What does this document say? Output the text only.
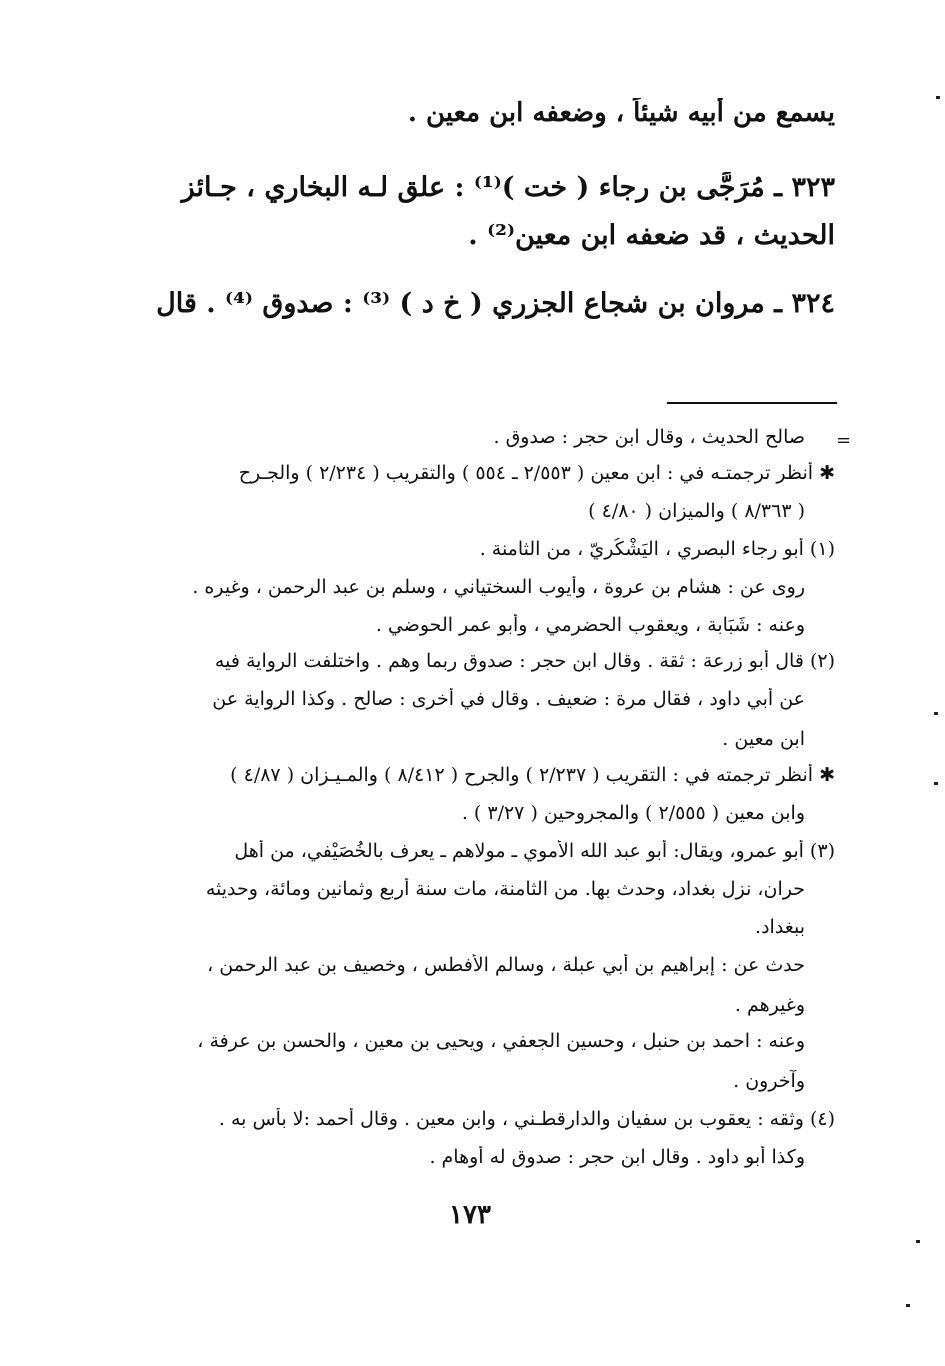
يسمع من أبيه شيئاً ، وضعفه ابن معين .
٣٢٣ ـ مُرَجَّى بن رجاء ( خت )⁽¹⁾ : علق لـه البخاري ، جـائز
الحديث ، قد ضعفه ابن معين⁽²⁾ .
٣٢٤ ـ مروان بن شجاع الجزري ( خ د ) ⁽³⁾ : صدوق ⁽⁴⁾ . قال
=
صالح الحديث ، وقال ابن حجر : صدوق .
✱ أنظر ترجمتـه في : ابن معين ( ٢/٥٥٣ ـ ٥٥٤ ) والتقريب ( ٢/٢٣٤ ) والجـرح
( ٨/٣٦٣ ) والميزان ( ٤/٨٠ )
(١) أبو رجاء البصري ، اليَشْكُرِيّ ، من الثامنة .
روى عن : هشام بن عروة ، وأيوب السختياني ، وسلم بن عبد الرحمن ، وغيره .
وعنه : شَبَابة ، ويعقوب الحضرمي ، وأبو عمر الحوضي .
(٢) قال أبو زرعة : ثقة . وقال ابن حجر : صدوق ربما وهم . واختلفت الرواية فيه
عن أبي داود ، فقال مرة : ضعيف . وقال في أخرى : صالح . وكذا الرواية عن
ابن معين .
✱ أنظر ترجمته في : التقريب ( ٢/٢٣٧ ) والجرح ( ٨/٤١٢ ) والمـيـزان ( ٤/٨٧ )
وابن معين ( ٢/٥٥٥ ) والمجروحين ( ٣/٢٧ ) .
(٣) أبو عمرو، ويقال: أبو عبد الله الأموي ـ مولاهم ـ يعرف بالخُصَيْفي، من أهل
حران، نزل بغداد، وحدث بها. من الثامنة، مات سنة أربع وثمانين ومائة، وحديثه
ببغداد.
حدث عن : إبراهيم بن أبي عبلة ، وسالم الأفطس ، وخصيف بن عبد الرحمن ،
وغيرهم .
وعنه : احمد بن حنبل ، وحسين الجعفي ، ويحيى بن معين ، والحسن بن عرفة ،
وآخرون .
(٤) وثقه : يعقوب بن سفيان والدارقطـني ، وابن معين . وقال أحمد :لا بأس به .
وكذا أبو داود . وقال ابن حجر : صدوق له أوهام .
١٧٣
